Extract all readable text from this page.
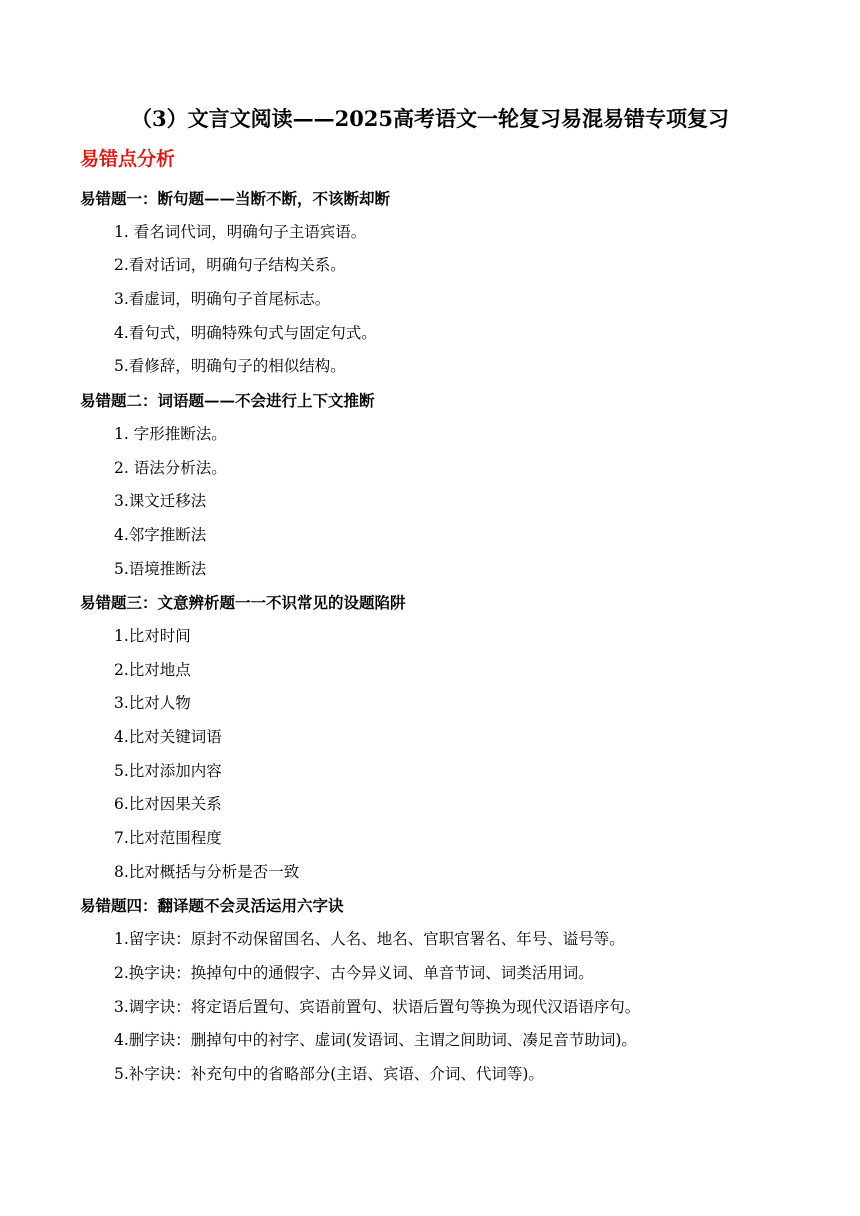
（3）文言文阅读——2025高考语文一轮复习易混易错专项复习
易错点分析
易错题一：断句题——当断不断，不该断却断
1. 看名词代词，明确句子主语宾语。
2.看对话词，明确句子结构关系。
3.看虚词，明确句子首尾标志。
4.看句式，明确特殊句式与固定句式。
5.看修辞，明确句子的相似结构。
易错题二：词语题——不会进行上下文推断
1. 字形推断法。
2. 语法分析法。
3.课文迁移法
4.邻字推断法
5.语境推断法
易错题三：文意辨析题一一不识常见的设题陷阱
1.比对时间
2.比对地点
3.比对人物
4.比对关键词语
5.比对添加内容
6.比对因果关系
7.比对范围程度
8.比对概括与分析是否一致
易错题四：翻译题不会灵活运用六字诀
1.留字诀：原封不动保留国名、人名、地名、官职官署名、年号、谥号等。
2.换字诀：换掉句中的通假字、古今异义词、单音节词、词类活用词。
3.调字诀：将定语后置句、宾语前置句、状语后置句等换为现代汉语语序句。
4.删字诀：删掉句中的衬字、虚词(发语词、主谓之间助词、凑足音节助词)。
5.补字诀：补充句中的省略部分(主语、宾语、介词、代词等)。
